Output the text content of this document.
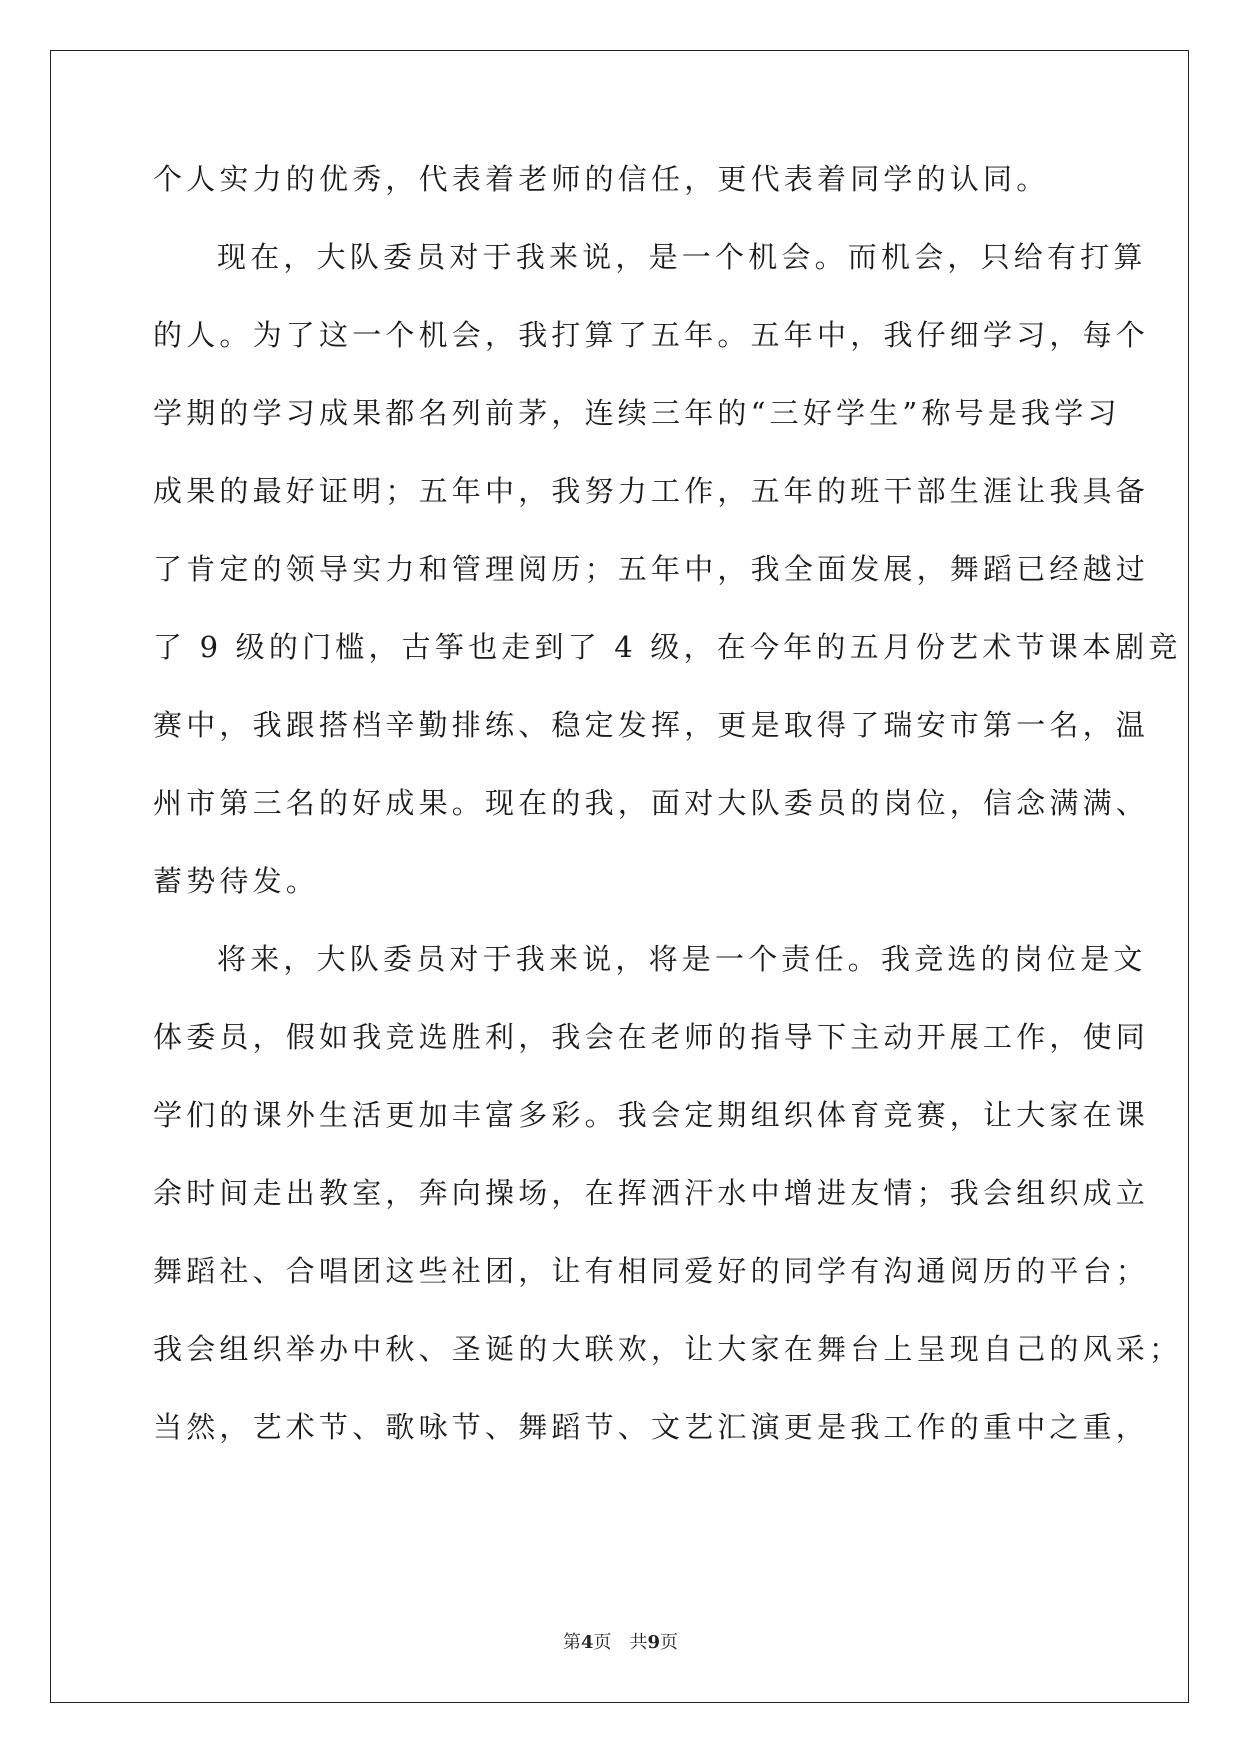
个人实力的优秀，代表着老师的信任，更代表着同学的认同。
现在，大队委员对于我来说，是一个机会。而机会，只给有打算
的人。为了这一个机会，我打算了五年。五年中，我仔细学习，每个
学期的学习成果都名列前茅，连续三年的“三好学生”称号是我学习
成果的最好证明；五年中，我努力工作，五年的班干部生涯让我具备
了肯定的领导实力和管理阅历；五年中，我全面发展，舞蹈已经越过
了 9 级的门槛，古筝也走到了 4 级，在今年的五月份艺术节课本剧竞
赛中，我跟搭档辛勤排练、稳定发挥，更是取得了瑞安市第一名，温
州市第三名的好成果。现在的我，面对大队委员的岗位，信念满满、
蓄势待发。
将来，大队委员对于我来说，将是一个责任。我竞选的岗位是文
体委员，假如我竞选胜利，我会在老师的指导下主动开展工作，使同
学们的课外生活更加丰富多彩。我会定期组织体育竞赛，让大家在课
余时间走出教室，奔向操场，在挥洒汗水中增进友情；我会组织成立
舞蹈社、合唱团这些社团，让有相同爱好的同学有沟通阅历的平台；
我会组织举办中秋、圣诞的大联欢，让大家在舞台上呈现自己的风采；
当然，艺术节、歌咏节、舞蹈节、文艺汇演更是我工作的重中之重，
第4页 共9页
